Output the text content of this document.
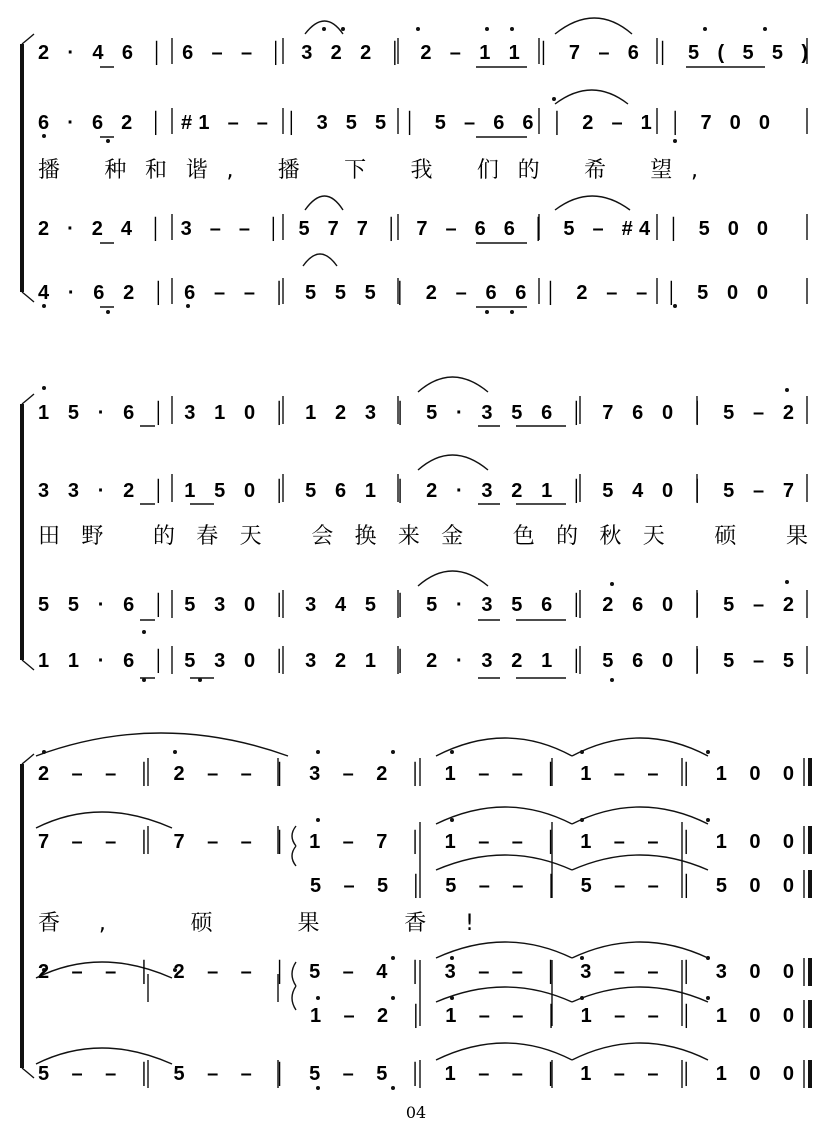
2 · 4 6 │ 6 – – │ 3 2 2 │ 2 – 1 1 │ 7 – 6 │ 5 ( 5 5 )
6 · 6 2 │ #1 – – │ 3 5 5 │ 5 – 6 6 │ 2 – 1 │ 7 0 0
播 种和谐, 播 下 我 们的 希 望,
2 · 2 4 │ 3 – – │ 5 7 7 │ 7 – 6 6 │ 5 – #4 │ 5 0 0
4 · 6 2 │ 6 – – │ 5 5 5 │ 2 – 6 6 │ 2 – – │ 5 0 0
1 5 · 6 │ 3 1 0 │ 1 2 3 │ 5 · 3 5 6 │ 7 6 0 │ 5 – 2
3 3 · 2 │ 1 5 0 │ 5 6 1 │ 2 · 3 2 1 │ 5 4 0 │ 5 – 7
田野 的春天 会换来金 色的秋天 硕 果
5 5 · 6 │ 5 3 0 │ 3 4 5 │ 5 · 3 5 6 │ 2 6 0 │ 5 – 2
1 1 · 6 │ 5 3 0 │ 3 2 1 │ 2 · 3 2 1 │ 5 6 0 │ 5 – 5
2 – – │ 2 – – │ 3 – 2 │ 1 – – │ 1 – – │ 1 0 0
7 – – │ 7 – – │ 1 – 7 │ 1 – – │ 1 – – │ 1 0 0
5 – 5 │ 5 – – │ 5 – – │ 5 0 0
香, 硕 果 香!
2 – – │ 2 – – │ 5 – 4 │ 3 – – │ 3 – – │ 3 0 0
1 – 2 │ 1 – – │ 1 – – │ 1 0 0
5 – – │ 5 – – │ 5 – 5 │ 1 – – │ 1 – – │ 1 0 0
04
